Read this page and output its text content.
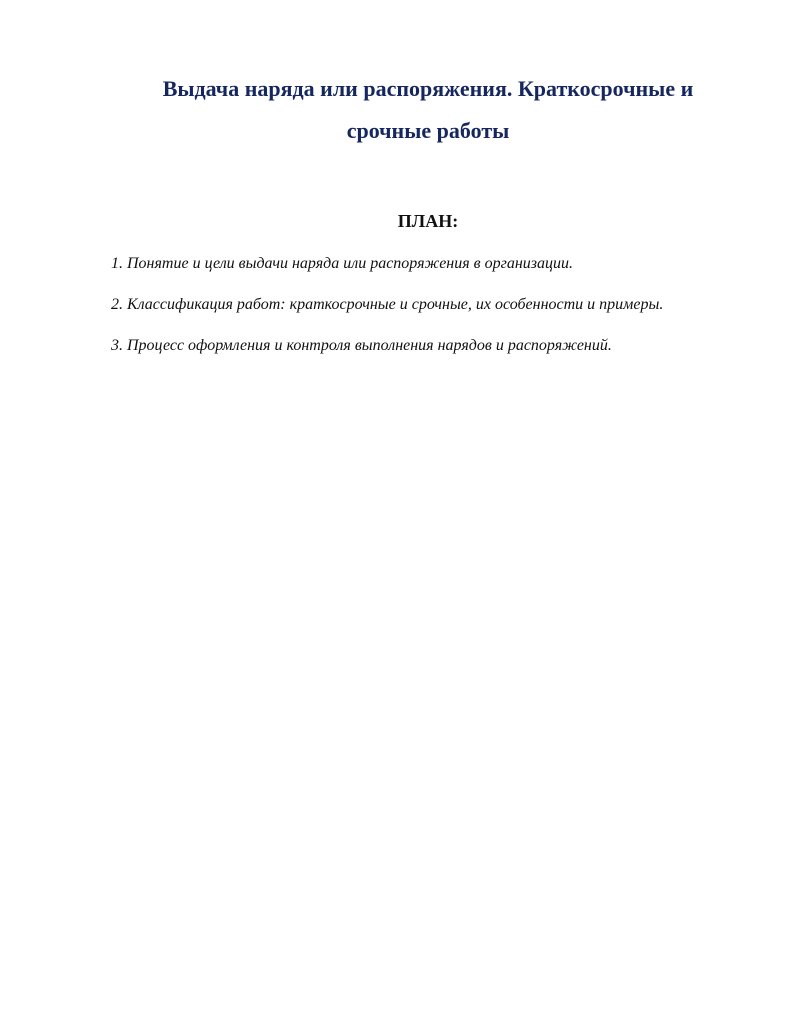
Выдача наряда или распоряжения. Краткосрочные и
срочные работы
ПЛАН:
1. Понятие и цели выдачи наряда или распоряжения в организации.
2. Классификация работ: краткосрочные и срочные, их особенности и примеры.
3. Процесс оформления и контроля выполнения нарядов и распоряжений.
